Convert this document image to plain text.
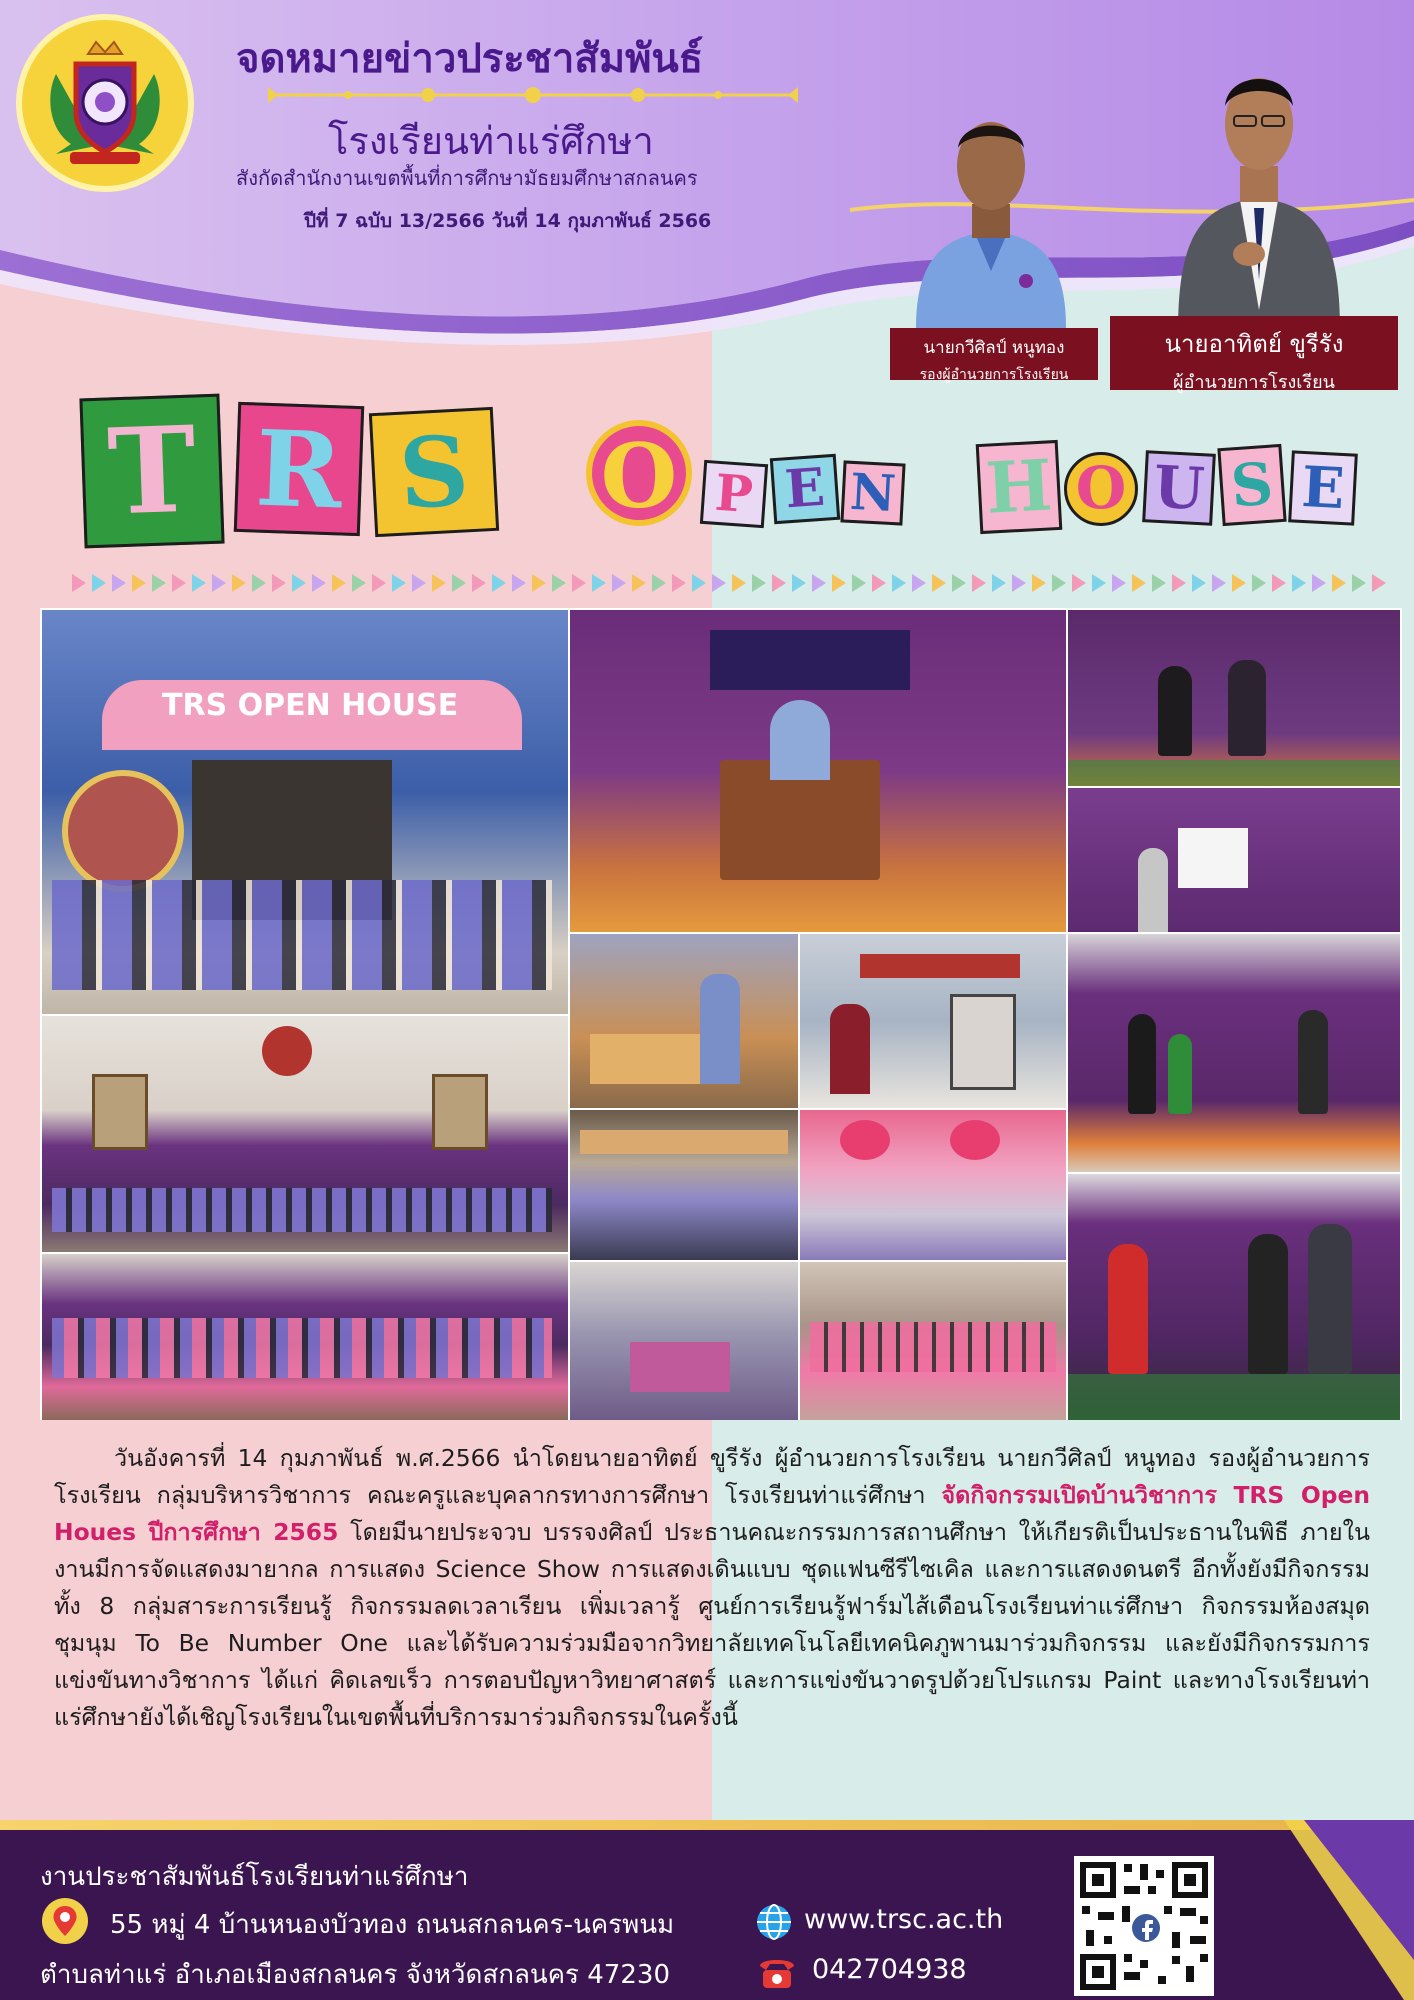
จดหมายข่าวประชาสัมพันธ์
โรงเรียนท่าแร่ศึกษา
สังกัดสำนักงานเขตพื้นที่การศึกษามัธยมศึกษาสกลนคร
ปีที่ 7 ฉบับ 13/2566 วันที่ 14 กุมภาพันธ์ 2566
นายกวีศิลป์ หนูทอง
รองผู้อำนวยการโรงเรียน
นายอาทิตย์ ขูรีรัง
ผู้อำนวยการโรงเรียน
T R S	O P E N H O U S E
TRS OPEN HOUSE

วันอังคารที่ 14 กุมภาพันธ์ พ.ศ.2566 นำโดยนายอาทิตย์ ขูรีรัง ผู้อำนวยการโรงเรียน นายกวีศิลป์ หนูทอง รองผู้อำนวยการโรงเรียน กลุ่มบริหารวิชาการ คณะครูและบุคลากรทางการศึกษา โรงเรียนท่าแร่ศึกษา จัดกิจกรรมเปิดบ้านวิชาการ TRS Open Houes ปีการศึกษา 2565 โดยมีนายประจวบ บรรจงศิลป์ ประธานคณะกรรมการสถานศึกษา ให้เกียรติเป็นประธานในพิธี ภายในงานมีการจัดแสดงมายากล การแสดง Science Show การแสดงเดินแบบ ชุดแฟนซีรีไซเคิล และการแสดงดนตรี อีกทั้งยังมีกิจกรรมทั้ง 8 กลุ่มสาระการเรียนรู้ กิจกรรมลดเวลาเรียน เพิ่มเวลารู้ ศูนย์การเรียนรู้ฟาร์มไส้เดือนโรงเรียนท่าแร่ศึกษา กิจกรรมห้องสมุด ชุมนุม To Be Number One และได้รับความร่วมมือจากวิทยาลัยเทคโนโลยีเทคนิคภูพานมาร่วมกิจกรรม และยังมีกิจกรรมการแข่งขันทางวิชาการ ได้แก่ คิดเลขเร็ว การตอบปัญหาวิทยาศาสตร์ และการแข่งขันวาดรูปด้วยโปรแกรม Paint และทางโรงเรียนท่าแร่ศึกษายังได้เชิญโรงเรียนในเขตพื้นที่บริการมาร่วมกิจกรรมในครั้งนี้

งานประชาสัมพันธ์โรงเรียนท่าแร่ศึกษา
55 หมู่ 4 บ้านหนองบัวทอง ถนนสกลนคร-นครพนม
ตำบลท่าแร่ อำเภอเมืองสกลนคร จังหวัดสกลนคร 47230
www.trsc.ac.th
042704938
